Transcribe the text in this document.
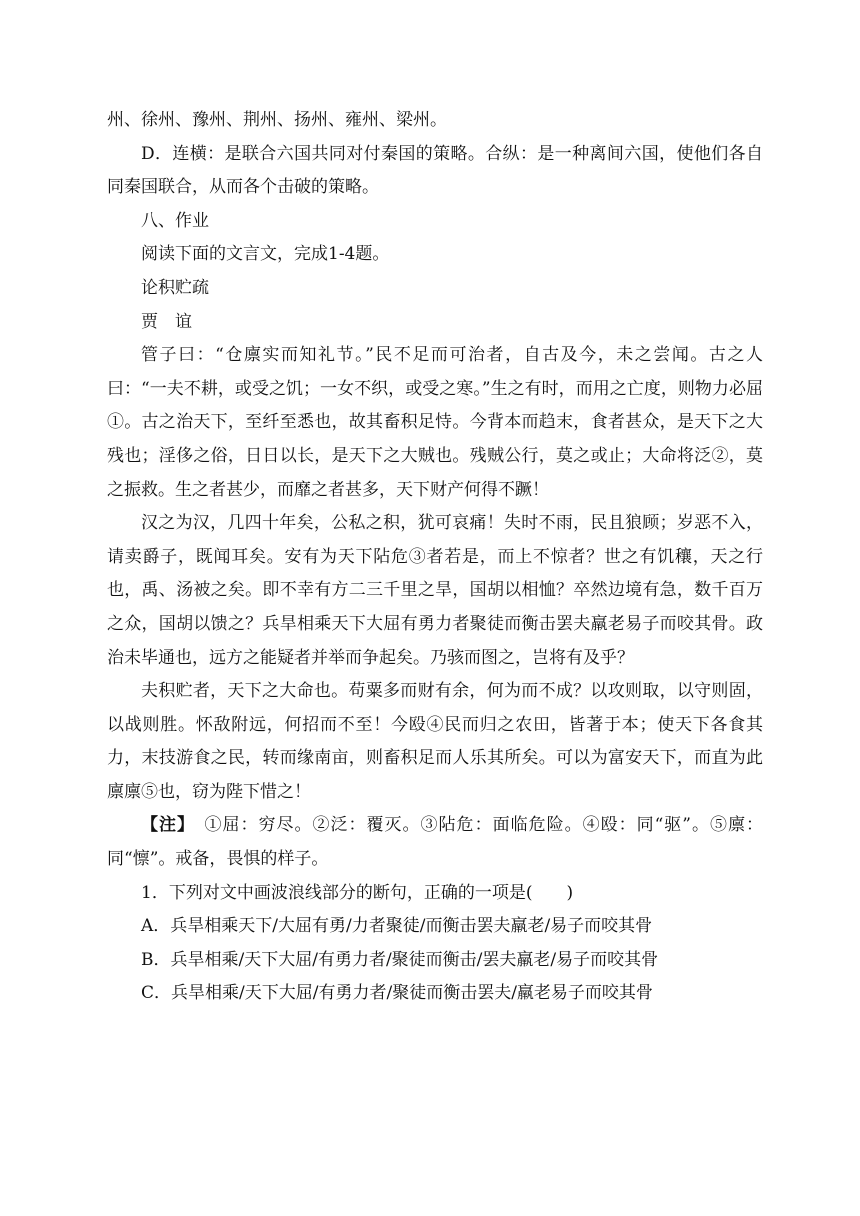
州、徐州、豫州、荆州、扬州、雍州、梁州。

D．连横：是联合六国共同对付秦国的策略。合纵：是一种离间六国，使他们各自同秦国联合，从而各个击破的策略。

八、作业

阅读下面的文言文，完成1-4题。

论积贮疏

贾　谊

管子曰：“仓廪实而知礼节。”民不足而可治者，自古及今，未之尝闻。古之人曰：“一夫不耕，或受之饥；一女不织，或受之寒。”生之有时，而用之亡度，则物力必屈①。古之治天下，至纤至悉也，故其畜积足恃。今背本而趋末，食者甚众，是天下之大残也；淫侈之俗，日日以长，是天下之大贼也。残贼公行，莫之或止；大命将泛②，莫之振救。生之者甚少，而靡之者甚多，天下财产何得不蹶！

汉之为汉，几四十年矣，公私之积，犹可哀痛！失时不雨，民且狼顾；岁恶不入，请卖爵子，既闻耳矣。安有为天下阽危③者若是，而上不惊者？世之有饥穰，天之行也，禹、汤被之矣。即不幸有方二三千里之旱，国胡以相恤？卒然边境有急，数千百万之众，国胡以馈之？兵旱相乘天下大屈有勇力者聚徒而衡击罢夫羸老易子而咬其骨。政治未毕通也，远方之能疑者并举而争起矣。乃骇而图之，岂将有及乎？

夫积贮者，天下之大命也。苟粟多而财有余，何为而不成？以攻则取，以守则固，以战则胜。怀敌附远，何招而不至！今殴④民而归之农田，皆著于本；使天下各食其力，末技游食之民，转而缘南亩，则畜积足而人乐其所矣。可以为富安天下，而直为此廪廪⑤也，窃为陛下惜之！

【注】　①屈：穷尽。②泛：覆灭。③阽危：面临危险。④殴：同“驱”。⑤廪：同“懔”。戒备，畏惧的样子。

1．下列对文中画波浪线部分的断句，正确的一项是(　　)

A．兵旱相乘天下/大屈有勇/力者聚徒/而衡击罢夫羸老/易子而咬其骨

B．兵旱相乘/天下大屈/有勇力者/聚徒而衡击/罢夫羸老/易子而咬其骨

C．兵旱相乘/天下大屈/有勇力者/聚徒而衡击罢夫/羸老易子而咬其骨
